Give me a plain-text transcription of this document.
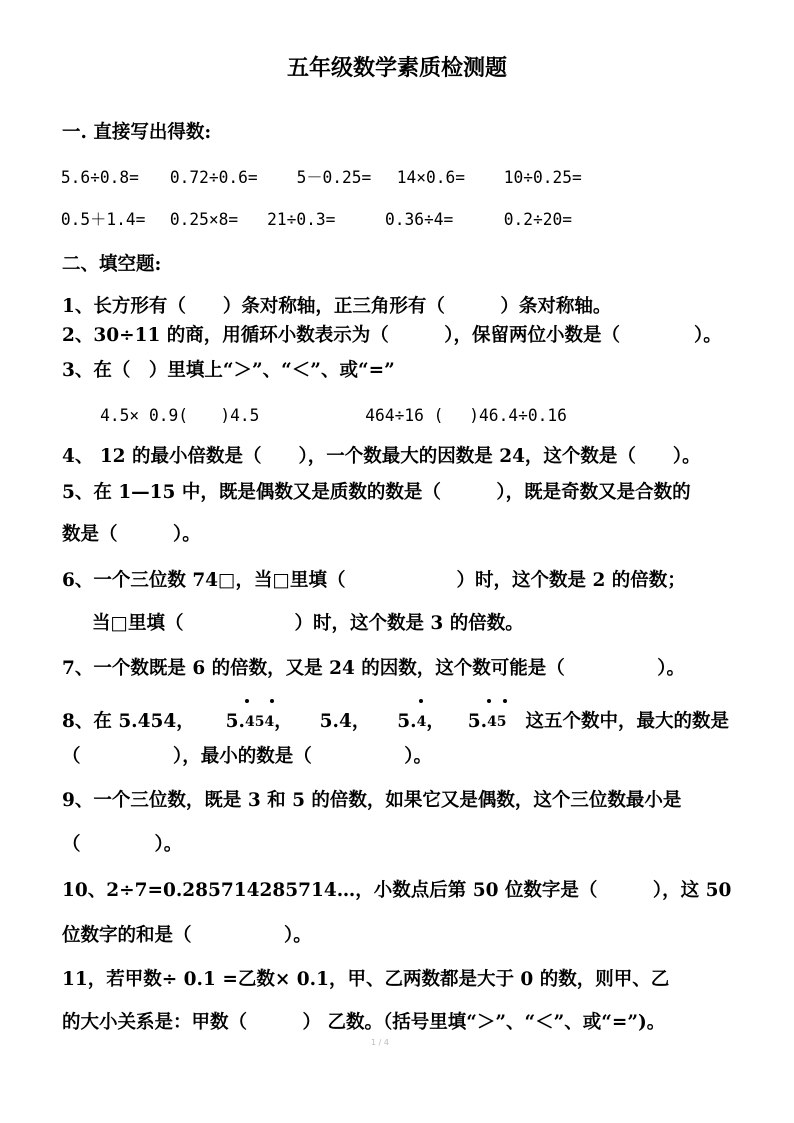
五年级数学素质检测题

一. 直接写出得数:

5.6÷0.8= 0.72÷0.6= 5－0.25= 14×0.6= 10÷0.25=
0.5＋1.4= 0.25×8= 21÷0.3=	0.36÷4=	0.2÷20=

二、填空题:

1、长方形有（　　）条对称轴，正三角形有（　　　）条对称轴。

2、30÷11 的商，用循环小数表示为（　　　），保留两位小数是（　　　　）。

3、在（　）里填上“＞”、“＜”、或“=”

4.5× 0.9(　　)4.5	464÷16 (　 )46.4÷0.16

4、 12 的最小倍数是（　　），一个数最大的因数是 24，这个数是（　　）。

5、在 1—15 中，既是偶数又是质数的数是（　　　），既是奇数又是合数的

数是（　　　）。

6、一个三位数 74□，当□里填（　　　　　　）时，这个数是 2 的倍数；

当□里填（　　　　　　）时，这个数是 3 的倍数。

7、一个数既是 6 的倍数，又是 24 的因数，这个数可能是（　　　　　）。

8、在 5.454， 5.
454， 5.4， 5.
4， 5.
45 这五个数中，最大的数是

（　　　　　），最小的数是（　　　　　）。

9、一个三位数，既是 3 和 5 的倍数，如果它又是偶数，这个三位数最小是

（　　　　）。

10、2÷7=0.285714285714…，小数点后第 50 位数字是（　　　），这 50

位数字的和是（　　　　　）。

11，若甲数÷ 0.1 =乙数× 0.1，甲、乙两数都是大于 0 的数，则甲、乙

的大小关系是：甲数（　　　） 乙数。（括号里填“＞”、“＜”、或“=”)。

1 / 4
